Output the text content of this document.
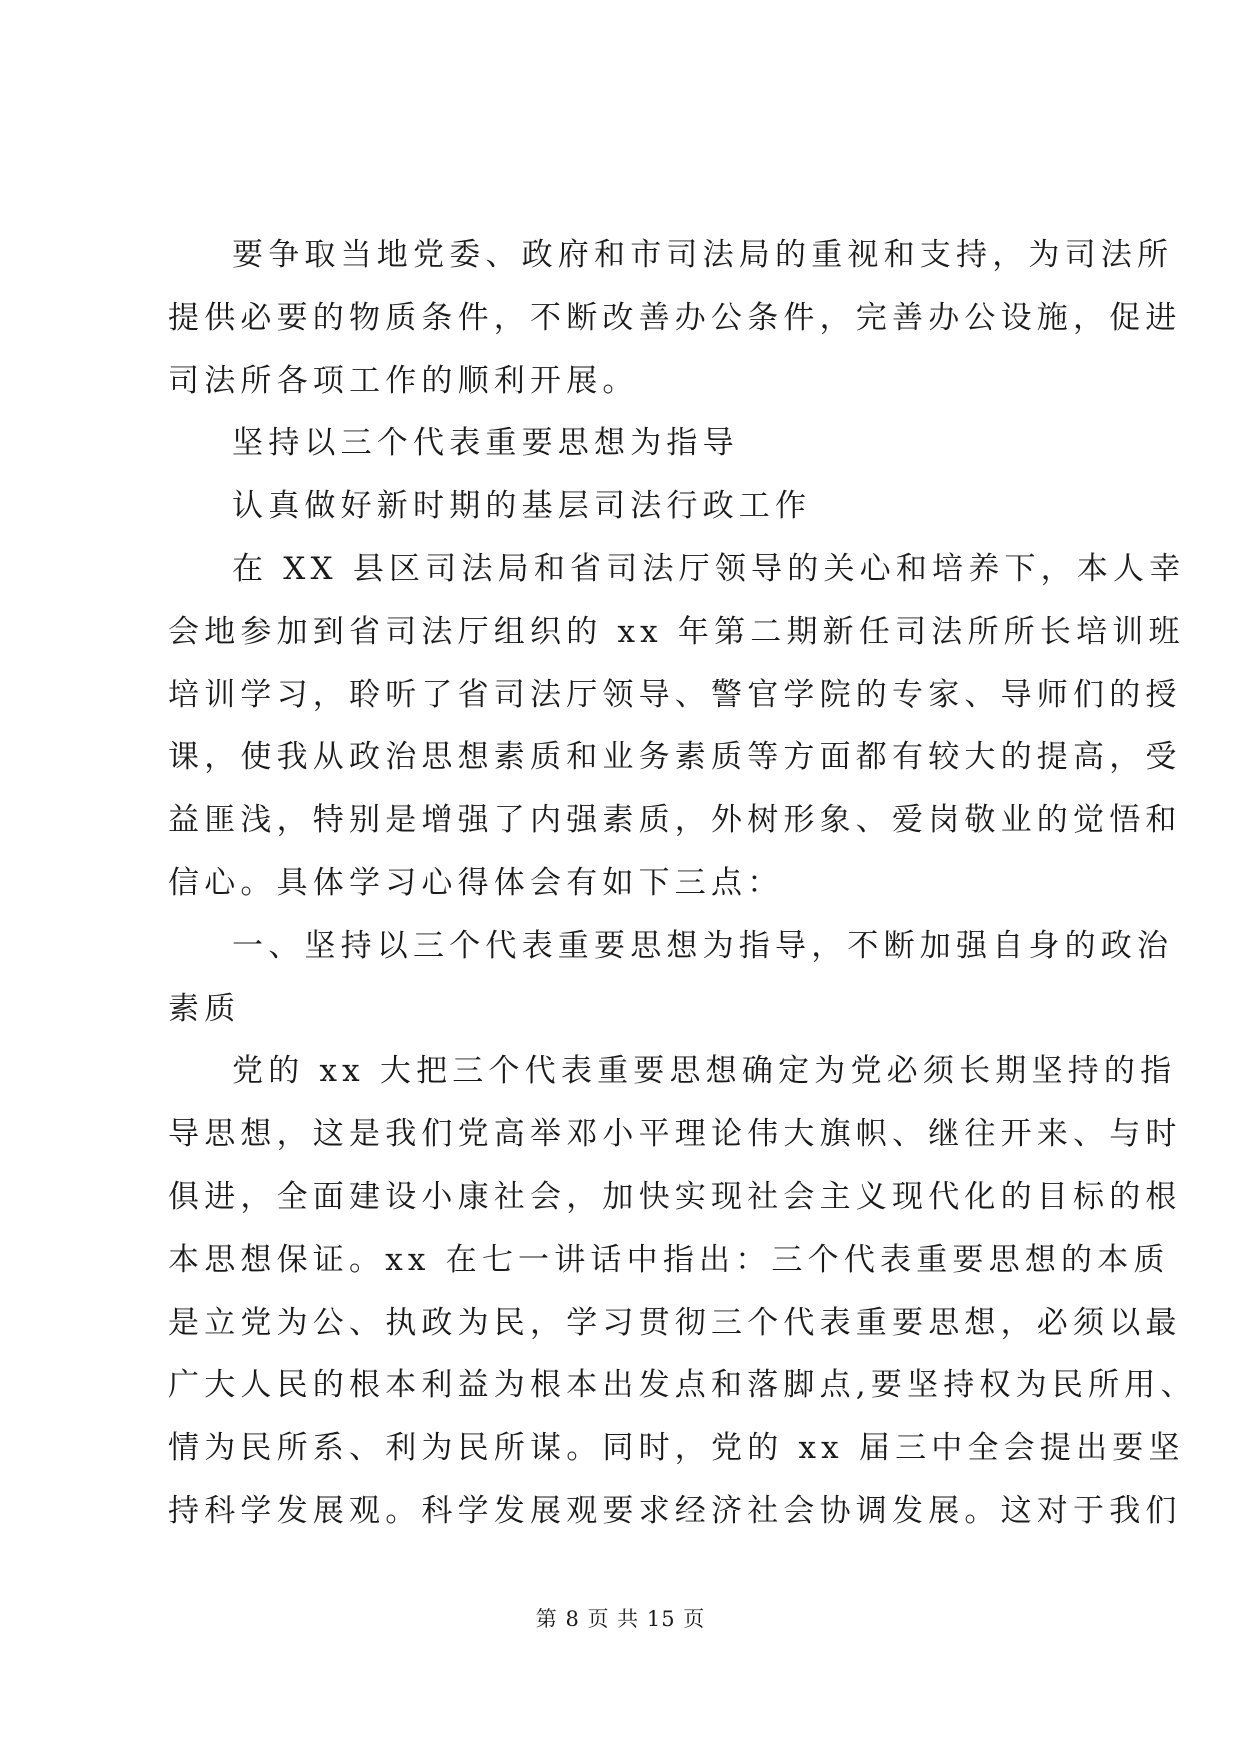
要争取当地党委、政府和市司法局的重视和支持，为司法所
提供必要的物质条件，不断改善办公条件，完善办公设施，促进
司法所各项工作的顺利开展。
坚持以三个代表重要思想为指导
认真做好新时期的基层司法行政工作
在 XX 县区司法局和省司法厅领导的关心和培养下，本人幸
会地参加到省司法厅组织的 xx 年第二期新任司法所所长培训班
培训学习，聆听了省司法厅领导、警官学院的专家、导师们的授
课，使我从政治思想素质和业务素质等方面都有较大的提高，受
益匪浅，特别是增强了内强素质，外树形象、爱岗敬业的觉悟和
信心。具体学习心得体会有如下三点：
一、坚持以三个代表重要思想为指导，不断加强自身的政治
素质
党的 xx 大把三个代表重要思想确定为党必须长期坚持的指
导思想，这是我们党高举邓小平理论伟大旗帜、继往开来、与时
俱进，全面建设小康社会，加快实现社会主义现代化的目标的根
本思想保证。xx 在七一讲话中指出：三个代表重要思想的本质
是立党为公、执政为民，学习贯彻三个代表重要思想，必须以最
广大人民的根本利益为根本出发点和落脚点,要坚持权为民所用、
情为民所系、利为民所谋。同时，党的 xx 届三中全会提出要坚
持科学发展观。科学发展观要求经济社会协调发展。这对于我们
第 8 页 共 15 页
